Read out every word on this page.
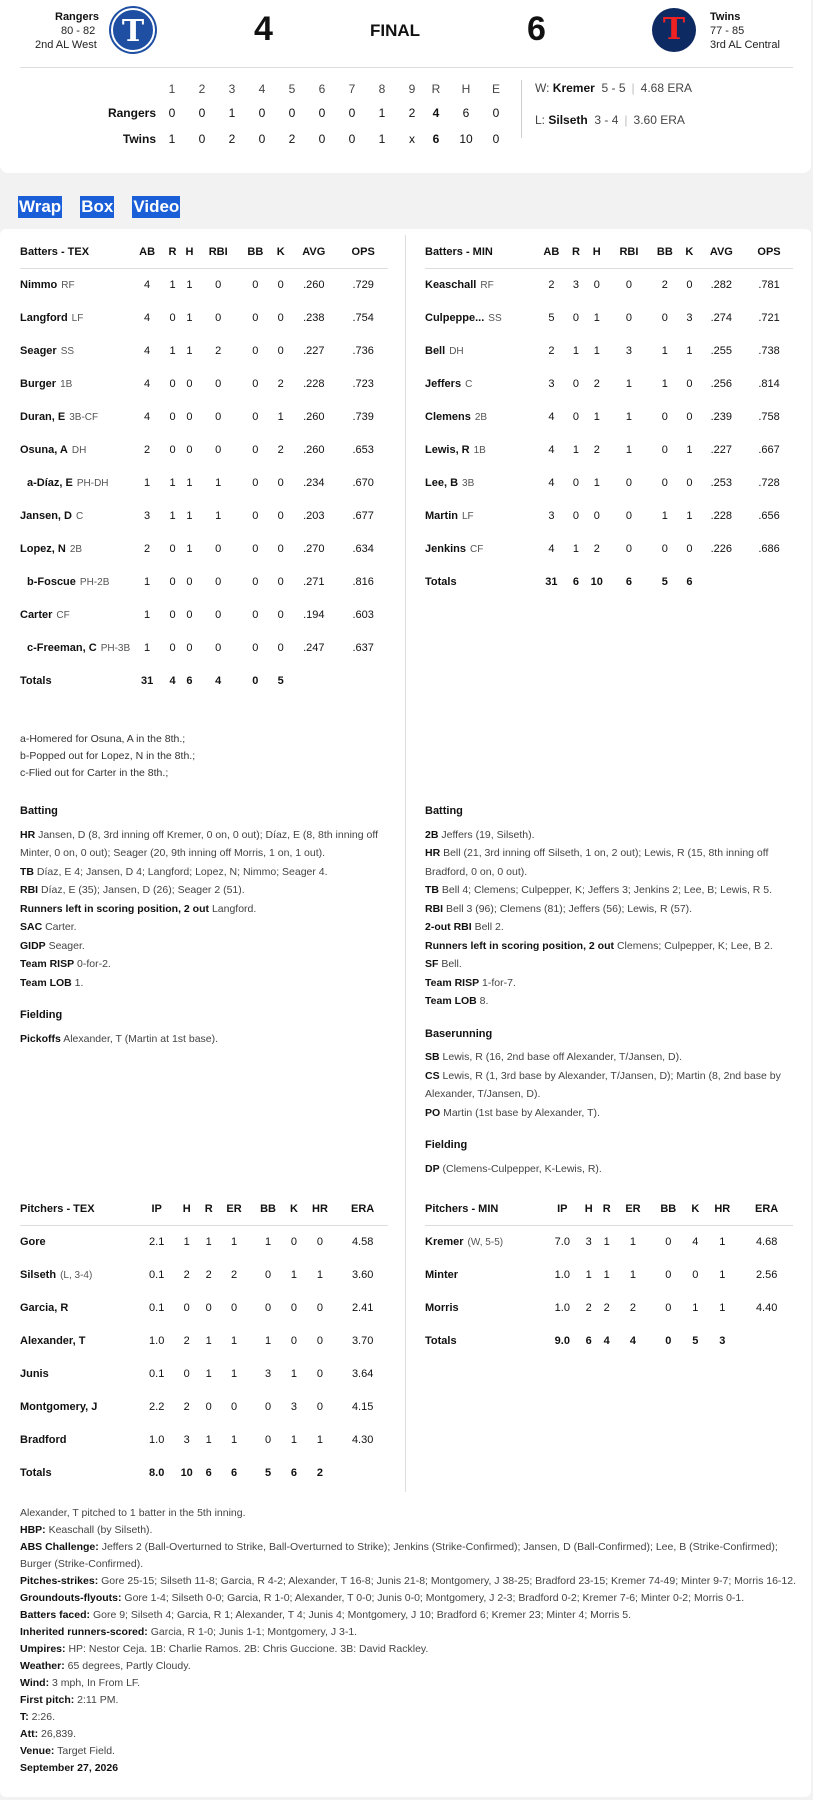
Rangers
80 - 82
2nd AL West T	4	FINAL	6	T	Twins
77 - 85
3rd AL Central
1	2	3	4	5	6	7	8	9	R	H	E
Rangers	0	0	1	0	0	0	0	1	2	4	6	0
Twins	1	0	2	0	2	0	0	1	x	6	10	0
W: Kremer 5 - 5 | 4.68 ERA
L: Silseth 3 - 4 | 3.60 ERA
Wrap Box Video
Batters - TEX	AB	R	H	RBI	BB	K	AVG	OPS
Nimmo RF	4	1	1	0	0	0	.260	.729
Langford LF	4	0	1	0	0	0	.238	.754
Seager SS	4	1	1	2	0	0	.227	.736
Burger 1B	4	0	0	0	0	2	.228	.723
Duran, E 3B-CF	4	0	0	0	0	1	.260	.739
Osuna, A DH	2	0	0	0	0	2	.260	.653
a-Díaz, E PH-DH	1	1	1	1	0	0	.234	.670
Jansen, D C	3	1	1	1	0	0	.203	.677
Lopez, N 2B	2	0	1	0	0	0	.270	.634
b-Foscue PH-2B	1	0	0	0	0	0	.271	.816
Carter CF	1	0	0	0	0	0	.194	.603
c-Freeman, C PH-3B	1	0	0	0	0	0	.247	.637
Totals	31	4	6	4	0	5		
Batters - MIN	AB	R	H	RBI	BB	K	AVG	OPS
Keaschall RF	2	3	0	0	2	0	.282	.781
Culpeppe... SS	5	0	1	0	0	3	.274	.721
Bell DH	2	1	1	3	1	1	.255	.738
Jeffers C	3	0	2	1	1	0	.256	.814
Clemens 2B	4	0	1	1	0	0	.239	.758
Lewis, R 1B	4	1	2	1	0	1	.227	.667
Lee, B 3B	4	0	1	0	0	0	.253	.728
Martin LF	3	0	0	0	1	1	.228	.656
Jenkins CF	4	1	2	0	0	0	.226	.686
Totals	31	6	10	6	5	6		
a-Homered for Osuna, A in the 8th.;
b-Popped out for Lopez, N in the 8th.;
c-Flied out for Carter in the 8th.;
Batting
HR Jansen, D (8, 3rd inning off Kremer, 0 on, 0 out); Díaz, E (8, 8th inning off Minter, 0 on, 0 out); Seager (20, 9th inning off Morris, 1 on, 1 out).
TB Díaz, E 4; Jansen, D 4; Langford; Lopez, N; Nimmo; Seager 4.
RBI Díaz, E (35); Jansen, D (26); Seager 2 (51).
Runners left in scoring position, 2 out Langford.
SAC Carter.
GIDP Seager.
Team RISP 0-for-2.
Team LOB 1.
Fielding
Pickoffs Alexander, T (Martin at 1st base).
Batting
2B Jeffers (19, Silseth).
HR Bell (21, 3rd inning off Silseth, 1 on, 2 out); Lewis, R (15, 8th inning off Bradford, 0 on, 0 out).
TB Bell 4; Clemens; Culpepper, K; Jeffers 3; Jenkins 2; Lee, B; Lewis, R 5.
RBI Bell 3 (96); Clemens (81); Jeffers (56); Lewis, R (57).
2-out RBI Bell 2.
Runners left in scoring position, 2 out Clemens; Culpepper, K; Lee, B 2.
SF Bell.
Team RISP 1-for-7.
Team LOB 8.
Baserunning
SB Lewis, R (16, 2nd base off Alexander, T/Jansen, D).
CS Lewis, R (1, 3rd base by Alexander, T/Jansen, D); Martin (8, 2nd base by Alexander, T/Jansen, D).
PO Martin (1st base by Alexander, T).
Fielding
DP (Clemens-Culpepper, K-Lewis, R).
Pitchers - TEX	IP	H	R	ER	BB	K	HR	ERA
Gore	2.1	1	1	1	1	0	0	4.58
Silseth (L, 3-4)	0.1	2	2	2	0	1	1	3.60
Garcia, R	0.1	0	0	0	0	0	0	2.41
Alexander, T	1.0	2	1	1	1	0	0	3.70
Junis	0.1	0	1	1	3	1	0	3.64
Montgomery, J	2.2	2	0	0	0	3	0	4.15
Bradford	1.0	3	1	1	0	1	1	4.30
Totals	8.0	10	6	6	5	6	2	
Pitchers - MIN	IP	H	R	ER	BB	K	HR	ERA
Kremer (W, 5-5)	7.0	3	1	1	0	4	1	4.68
Minter	1.0	1	1	1	0	0	1	2.56
Morris	1.0	2	2	2	0	1	1	4.40
Totals	9.0	6	4	4	0	5	3	
Alexander, T pitched to 1 batter in the 5th inning.
HBP: Keaschall (by Silseth).
ABS Challenge: Jeffers 2 (Ball-Overturned to Strike, Ball-Overturned to Strike); Jenkins (Strike-Confirmed); Jansen, D (Ball-Confirmed); Lee, B (Strike-Confirmed); Burger (Strike-Confirmed).
Pitches-strikes: Gore 25-15; Silseth 11-8; Garcia, R 4-2; Alexander, T 16-8; Junis 21-8; Montgomery, J 38-25; Bradford 23-15; Kremer 74-49; Minter 9-7; Morris 16-12.
Groundouts-flyouts: Gore 1-4; Silseth 0-0; Garcia, R 1-0; Alexander, T 0-0; Junis 0-0; Montgomery, J 2-3; Bradford 0-2; Kremer 7-6; Minter 0-2; Morris 0-1.
Batters faced: Gore 9; Silseth 4; Garcia, R 1; Alexander, T 4; Junis 4; Montgomery, J 10; Bradford 6; Kremer 23; Minter 4; Morris 5.
Inherited runners-scored: Garcia, R 1-0; Junis 1-1; Montgomery, J 3-1.
Umpires: HP: Nestor Ceja. 1B: Charlie Ramos. 2B: Chris Guccione. 3B: David Rackley.
Weather: 65 degrees, Partly Cloudy.
Wind: 3 mph, In From LF.
First pitch: 2:11 PM.
T: 2:26.
Att: 26,839.
Venue: Target Field.
September 27, 2026
